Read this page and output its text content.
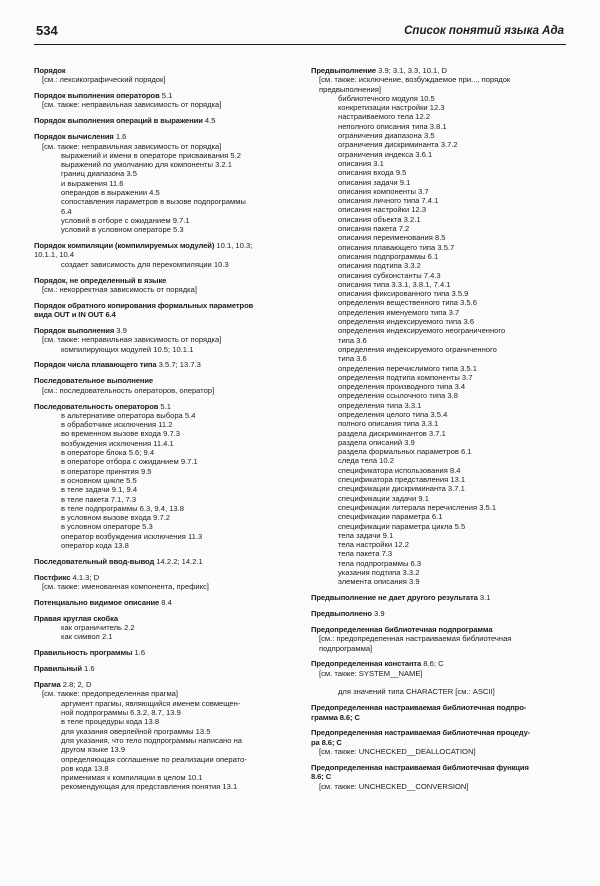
534	Список понятий языка Ада
Порядок
[см.: лексикографический порядок]
Порядок выполнения операторов 5.1
[см. также: неправильная зависимость от порядка]
Порядок выполнения операций в выражении 4.5
Порядок вычисления 1.6
[см. также: неправильная зависимость от порядка]
выражений и имени в операторе присваивания 5.2
выражений по умолчанию для компоненты 3.2.1
границ диапазона 3.5
и выражения 11.6
операндов в выражении 4.5
сопоставления параметров в вызове подпрограммы
6.4
условий в отборе с ожиданием 9.7.1
условий в условном операторе 5.3
Порядок компиляции (компилируемых модулей) 10.1, 10.3;
10.1.1, 10.4
создает зависимость для перекомпиляции 10.3
Порядок, не определенный в языке
[см.: некорректная зависимость от порядка]
Порядок обратного копирования формальных параметров
вида OUT и IN OUT 6.4
Порядок выполнения 3.9
[см. также: неправильная зависимость от порядка]
компилирующих модулей 10.5; 10.1.1
Порядок числа плавающего типа 3.5.7; 13.7.3
Последовательное выполнение
[см.: последовательность операторов, оператор]
Последовательность операторов 5.1
в альтернативе оператора выбора 5.4
в обработчике исключения 11.2
во временном вызове входа 9.7.3
возбуждения исключения 11.4.1
в операторе блока 5.6; 9.4
в операторе отбора с ожиданием 9.7.1
в операторе принятия 9.5
в основном цикле 5.5
в теле задачи 9.1, 9.4
в теле пакета 7.1, 7.3
в теле подпрограммы 6.3, 9.4, 13.8
в условном вызове входа 9.7.2
в условном операторе 5.3
оператор возбуждения исключения 11.3
оператор кода 13.8
Последовательный ввод-вывод 14.2.2; 14.2.1
Постфикс 4.1.3; D
[см. также: именованная компонента, префикс]
Потенциально видимое описание 8.4
Правая круглая скобка
как ограничитель 2.2
как символ 2.1
Правильность программы 1.6
Правильный 1.6
Прагма 2.8; 2, D
[см. также: предопределенная прагма]
аргумент прагмы, являющийся именем совмещен-
ной подпрограммы 6.3.2, 8.7, 13.9
в теле процедуры кода 13.8
для указания оверлейной программы 13.5
для указания, что тело подпрограммы написано на
другом языке 13.9
определяющая соглашение по реализации операто-
ров кода 13.8
применимая к компиляции в целом 10.1
рекомендующая для представления понятия 13.1
Предвыполнение 3.9; 3.1, 3.3, 10.1, D
[см. также: исключение, возбуждаемое при..., порядок
предвыполнения]
библиотечного модуля 10.5
конкретизации настройки 12.3
настраиваемого тела 12.2
неполного описания типа 3.8.1
ограничения диапазона 3.5
ограничения дискриминанта 3.7.2
ограничения индекса 3.6.1
описания 3.1
описания входа 9.5
описания задачи 9.1
описания компоненты 3.7
описания личного типа 7.4.1
описания настройки 12.3
описания объекта 3.2.1
описания пакета 7.2
описания переименования 8.5
описания плавающего типа 3.5.7
описания подпрограммы 6.1
описания подтипа 3.3.2
описания субконстанты 7.4.3
описания типа 3.3.1, 3.8.1, 7.4.1
описания фиксированного типа 3.5.9
определения вещественного типа 3.5.6
определения именуемого типа 3.7
определения индексируемого типа 3.6
определения индексируемого неограниченного
типа 3.6
определения индексируемого ограниченного
типа 3.6
определения перечислимого типа 3.5.1
определения подтипа компоненты 3.7
определения производного типа 3.4
определения ссылочного типа 3.8
определения типа 3.3.1
определения целого типа 3.5.4
полного описания типа 3.3.1
раздела дискриминантов 3.7.1
раздела описаний 3.9
раздела формальных параметров 6.1
следа тела 10.2
спецификатора использования 8.4
спецификатора представления 13.1
спецификации дискриминанта 3.7.1
спецификации задачи 9.1
спецификации литерала перечисления 3.5.1
спецификации параметра 6.1
спецификации параметра цикла 5.5
тела задачи 9.1
тела настройки 12.2
тела пакета 7.3
тела подпрограммы 6.3
указания подтипа 3.3.2
элемента описания 3.9
Предвыполнение не дает другого результата 3.1
Предвыполнено 3.9
Предопределенная библиотечная подпрограмма
[см.: предопределенная настраиваемая библиотечная
подпрограмма]
Предопределенная константа 8.6; C
[см. также: SYSTEM__NAME]
для значений типа CHARACTER [см.: ASCII]
Предопределенная настраиваемая библиотечная подпро-
грамма 8.6; C
Предопределенная настраиваемая библиотечная процеду-
ра 8.6; C
[см. также: UNCHECKED__DEALLOCATION]
Предопределенная настраиваемая библиотечная функция
8.6; C
[см. также: UNCHECKED__CONVERSION]
